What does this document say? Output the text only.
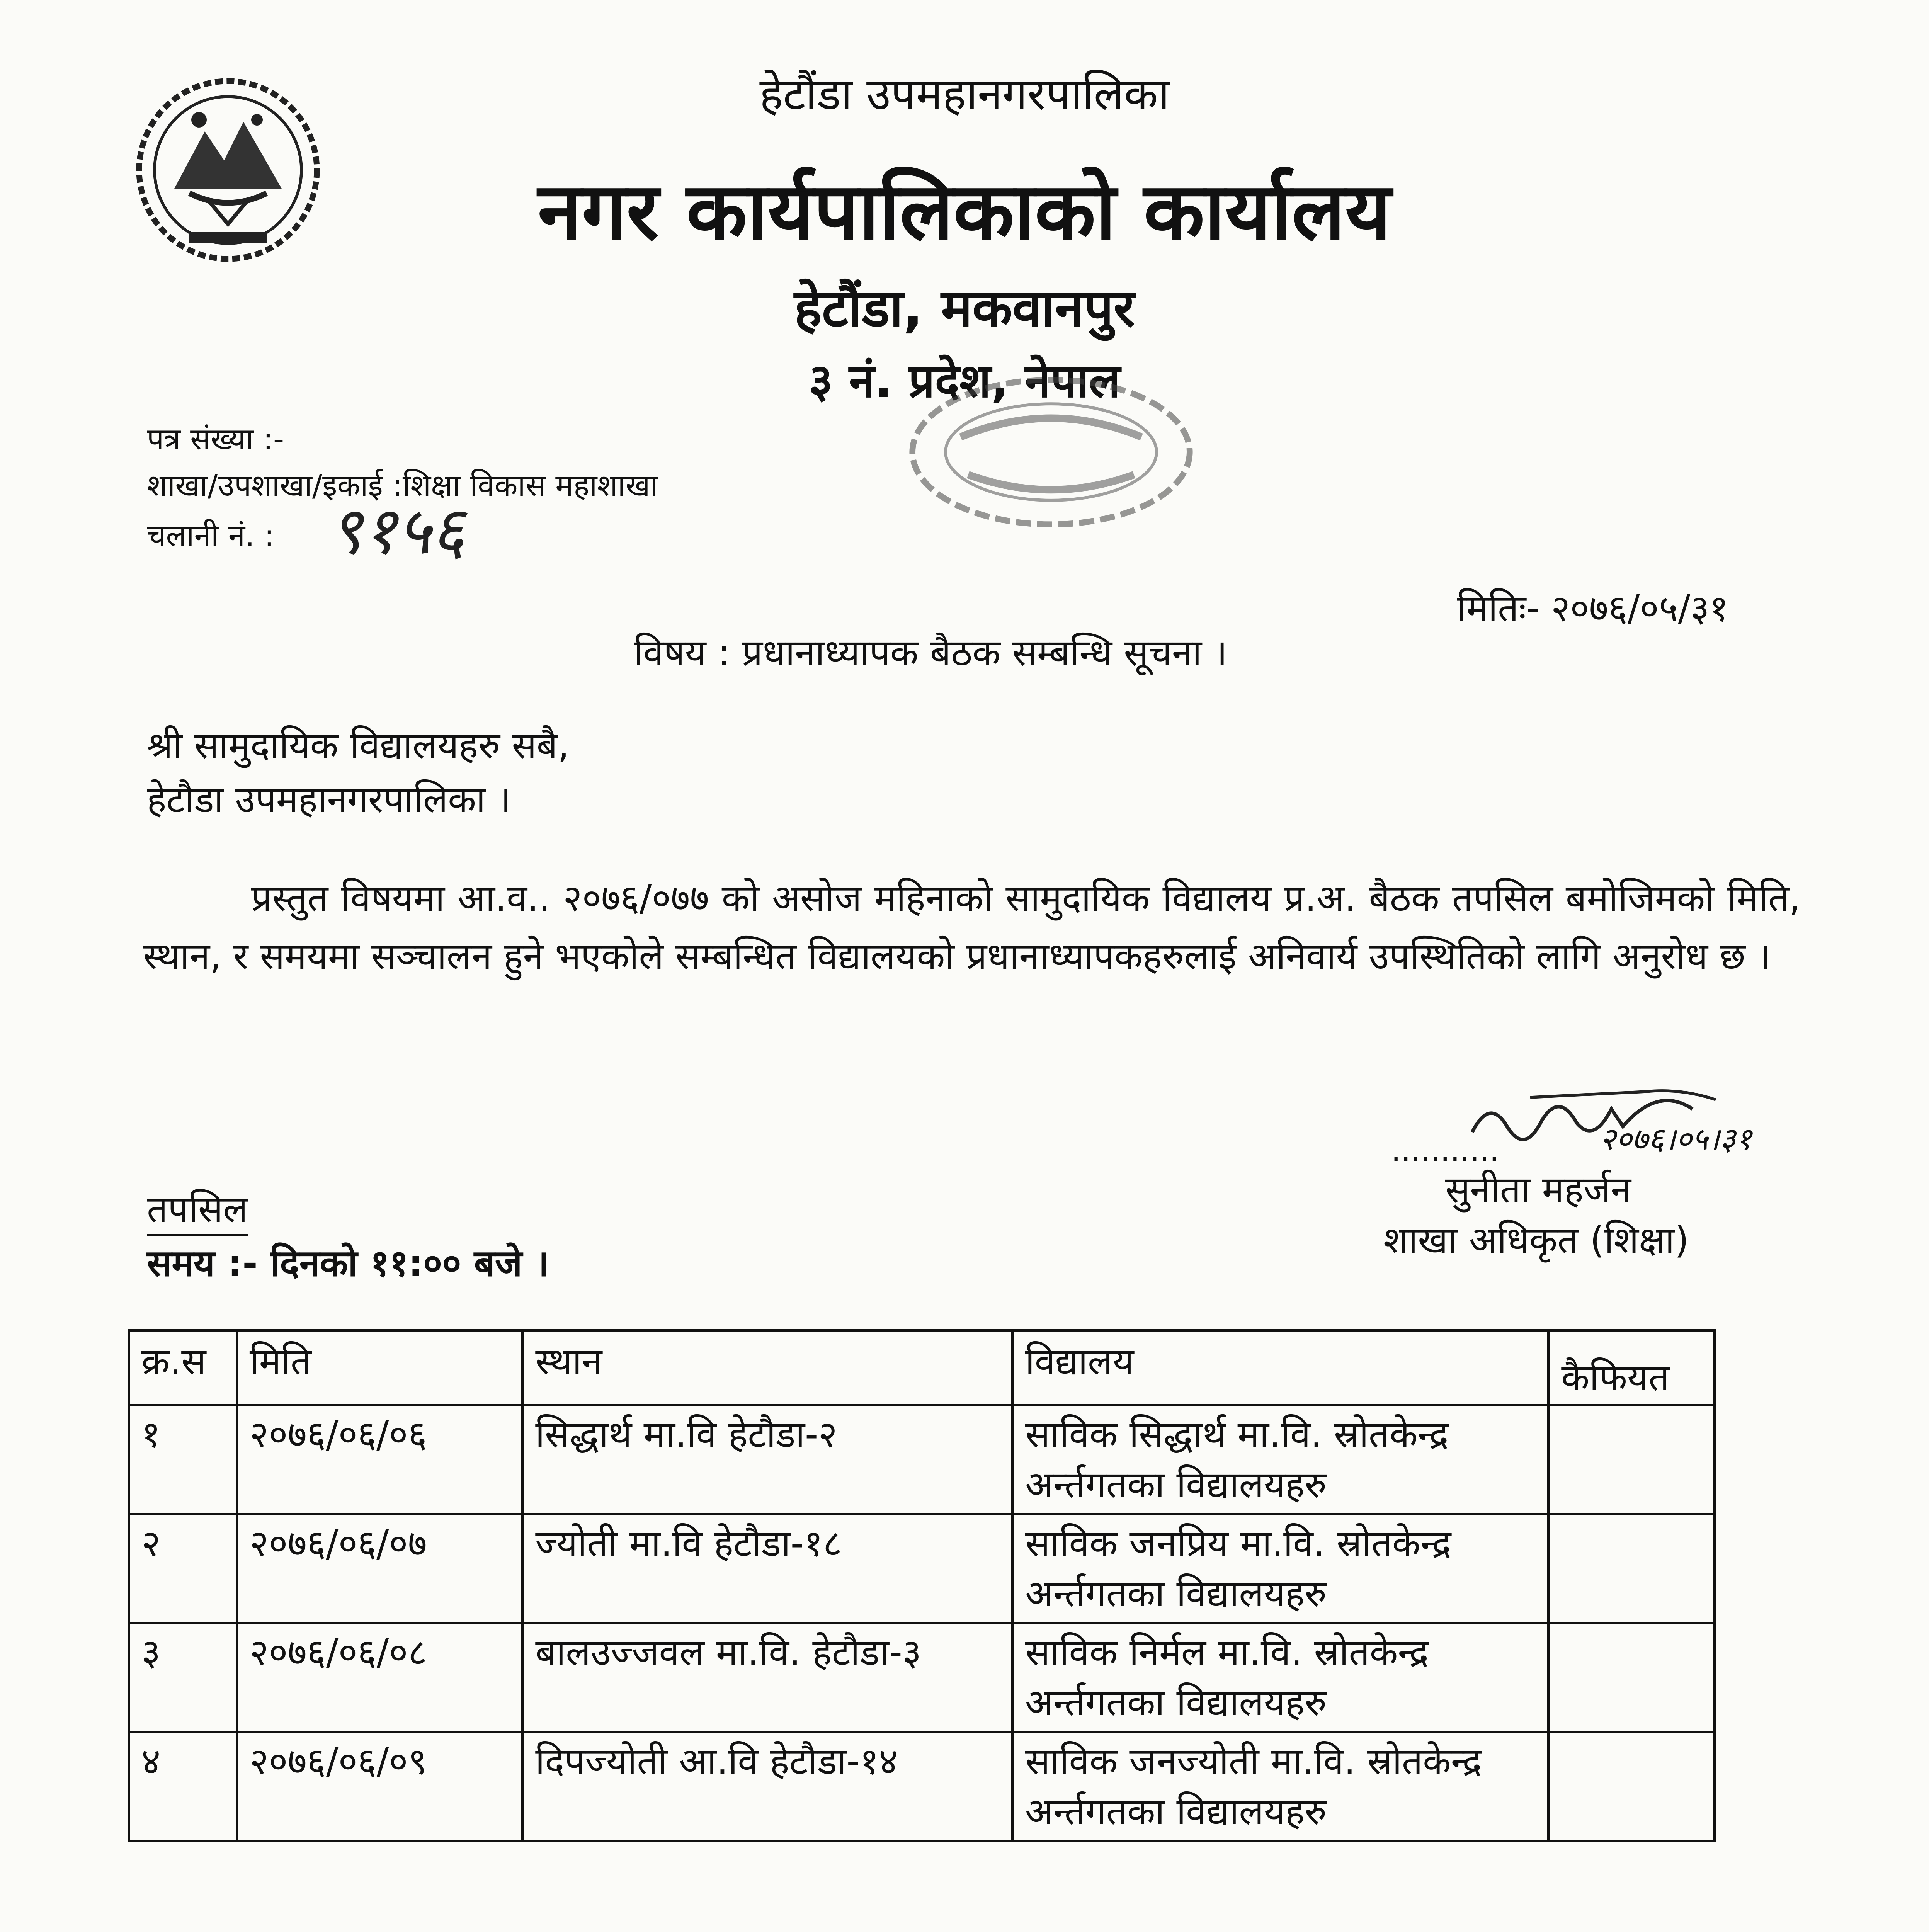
हेटौंडा उपमहानगरपालिका
नगर कार्यपालिकाको कार्यालय
हेटौंडा, मकवानपुर
३ नं. प्रदेश, नेपाल
पत्र संख्या :-
शाखा/उपशाखा/इकाई :शिक्षा विकास महाशाखा
चलानी नं. : ९१५६
मितिः- २०७६/०५/३१
विषय : प्रधानाध्यापक बैठक सम्बन्धि सूचना ।
श्री सामुदायिक विद्यालयहरु सबै,
हेटौडा उपमहानगरपालिका ।
प्रस्तुत विषयमा आ.व.. २०७६/०७७ को असोज महिनाको सामुदायिक विद्यालय प्र.अ. बैठक तपसिल बमोजिमको मिति, स्थान, र समयमा सञ्चालन हुने भएकोले सम्बन्धित विद्यालयको प्रधानाध्यापकहरुलाई अनिवार्य उपस्थितिको लागि अनुरोध छ ।
...........	२०७६।०५।३१
सुनीता महर्जन
शाखा अधिकृत (शिक्षा)
तपसिल
समय :- दिनको ११:०० बजे ।
क्र.स	मिति	स्थान	विद्यालय	कैफियत
१	२०७६/०६/०६	सिद्धार्थ मा.वि हेटौडा-२	साविक सिद्धार्थ मा.वि. स्रोतकेन्द्र अर्न्तगतका विद्यालयहरु	
२	२०७६/०६/०७	ज्योती मा.वि हेटौडा-१८	साविक जनप्रिय मा.वि. स्रोतकेन्द्र अर्न्तगतका विद्यालयहरु	
३	२०७६/०६/०८	बालउज्जवल मा.वि. हेटौडा-३	साविक निर्मल मा.वि. स्रोतकेन्द्र अर्न्तगतका विद्यालयहरु	
४	२०७६/०६/०९	दिपज्योती आ.वि हेटौडा-१४	साविक जनज्योती मा.वि. स्रोतकेन्द्र अर्न्तगतका विद्यालयहरु	
